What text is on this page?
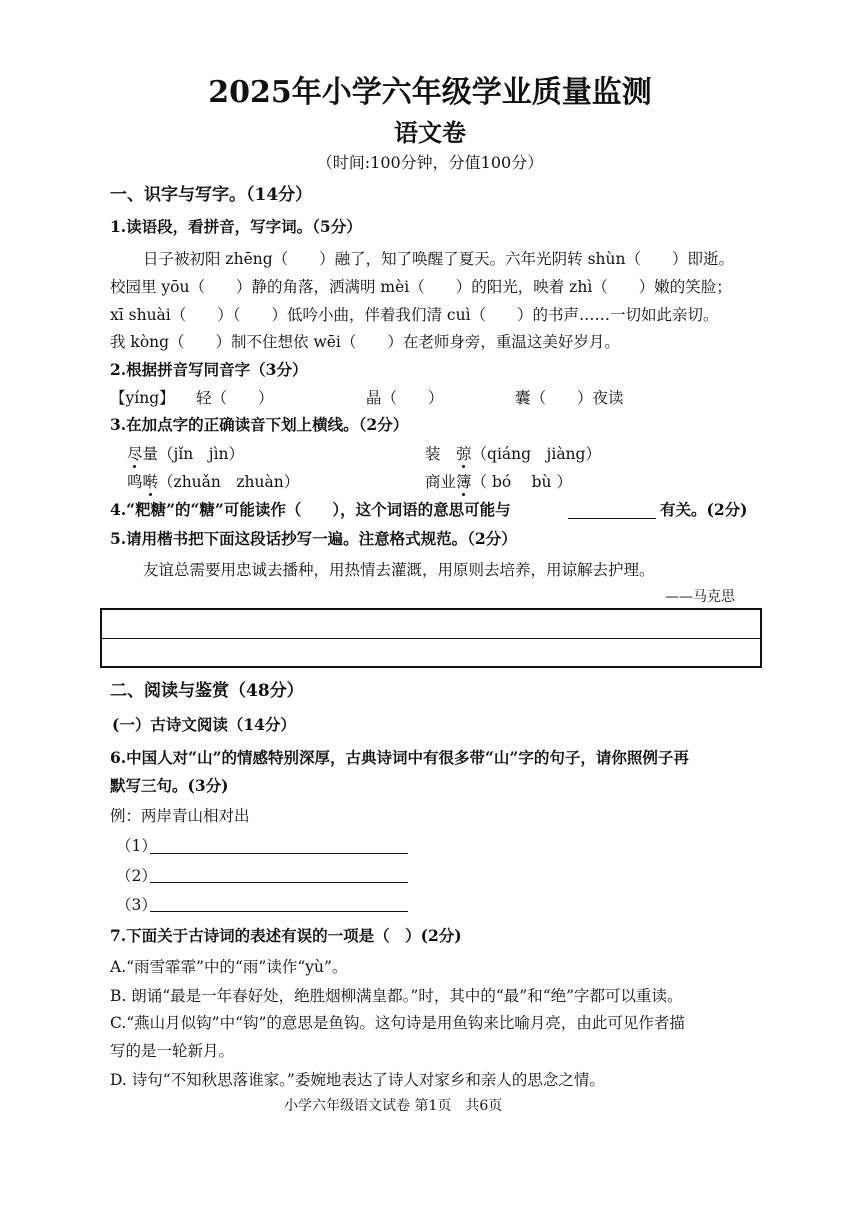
2025年小学六年级学业质量监测
语文卷
（时间:100分钟，分值100分）
一、识字与写字。（14分）
1.读语段，看拼音，写字词。（5分）
日子被初阳 zhēng（　　）融了，知了唤醒了夏天。六年光阴转 shùn（　　）即逝。
校园里 yōu（　　）静的角落，洒满明 mèi（　　）的阳光，映着 zhì（　　）嫩的笑脸；
xī shuài（　　）（　　）低吟小曲，伴着我们清 cuì（　　）的书声……一切如此亲切。
我 kòng（　　）制不住想依 wēi（　　）在老师身旁，重温这美好岁月。
2.根据拼音写同音字（3分）
【yíng】 轻（　　）	晶（　　）	囊（　　）夜读
3.在加点字的正确读音下划上横线。（2分）
尽量（jǐn　jìn）	装　弶（qiáng　jiàng）
鸣啭（zhuǎn　zhuàn）	商业簿（ bó　 bù ）
4.“粑糖”的“糖”可能读作（　　），这个词语的意思可能与	有关。(2分)
5.请用楷书把下面这段话抄写一遍。注意格式规范。（2分）
友谊总需要用忠诚去播种，用热情去灌溉，用原则去培养，用谅解去护理。
——马克思
二、阅读与鉴赏（48分）
(一）古诗文阅读（14分）
6.中国人对“山”的情感特别深厚，古典诗词中有很多带“山”字的句子，请你照例子再
默写三句。(3分)
例：两岸青山相对出
（1）
（2）
（3）
7.下面关于古诗词的表述有误的一项是（　）(2分)
A.“雨雪霏霏”中的“雨”读作“yù”。
B. 朗诵“最是一年春好处，绝胜烟柳满皇都。”时，其中的“最”和“绝”字都可以重读。
C.“燕山月似钩”中“钩”的意思是鱼钩。这句诗是用鱼钩来比喻月亮，由此可见作者描
写的是一轮新月。
D. 诗句“不知秋思落谁家。”委婉地表达了诗人对家乡和亲人的思念之情。
小学六年级语文试卷 第1页　共6页
